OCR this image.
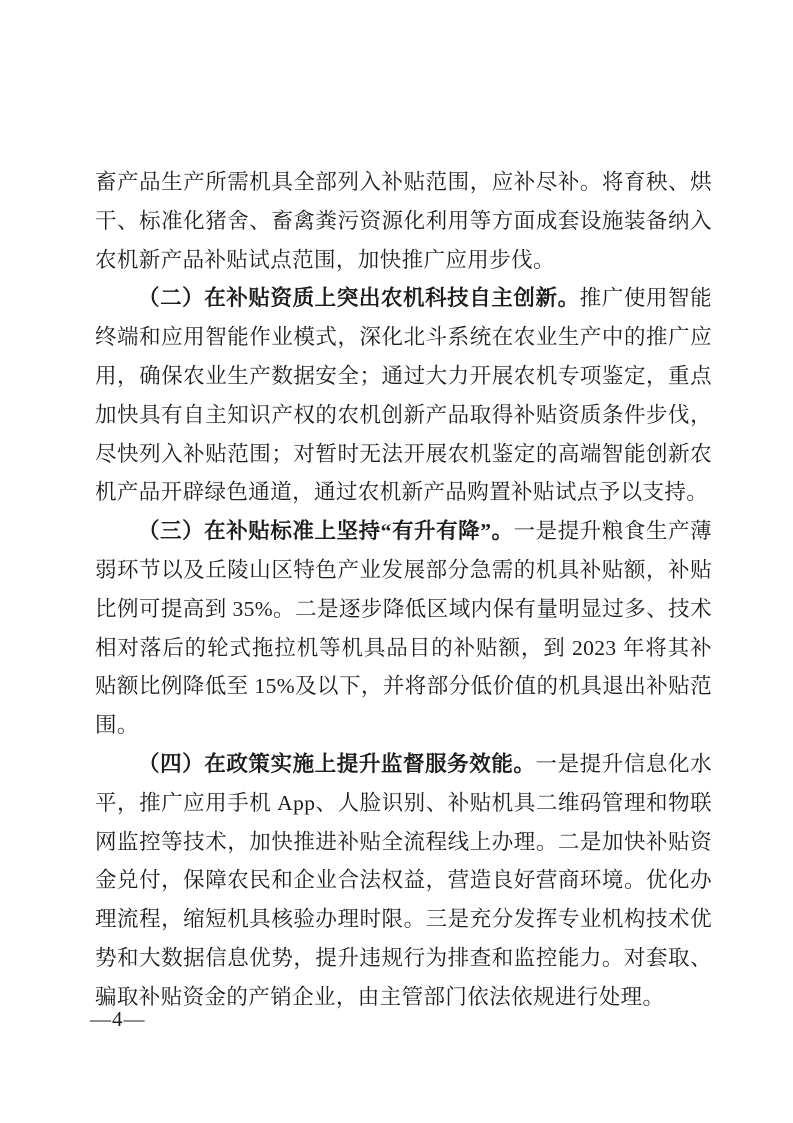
畜产品生产所需机具全部列入补贴范围，应补尽补。将育秧、烘干、标准化猪舍、畜禽粪污资源化利用等方面成套设施装备纳入农机新产品补贴试点范围，加快推广应用步伐。

（二）在补贴资质上突出农机科技自主创新。推广使用智能终端和应用智能作业模式，深化北斗系统在农业生产中的推广应用，确保农业生产数据安全；通过大力开展农机专项鉴定，重点加快具有自主知识产权的农机创新产品取得补贴资质条件步伐，尽快列入补贴范围；对暂时无法开展农机鉴定的高端智能创新农机产品开辟绿色通道，通过农机新产品购置补贴试点予以支持。

（三）在补贴标准上坚持“有升有降”。一是提升粮食生产薄弱环节以及丘陵山区特色产业发展部分急需的机具补贴额，补贴比例可提高到 35%。二是逐步降低区域内保有量明显过多、技术相对落后的轮式拖拉机等机具品目的补贴额，到 2023 年将其补贴额比例降低至 15%及以下，并将部分低价值的机具退出补贴范围。

（四）在政策实施上提升监督服务效能。一是提升信息化水平，推广应用手机 App、人脸识别、补贴机具二维码管理和物联网监控等技术，加快推进补贴全流程线上办理。二是加快补贴资金兑付，保障农民和企业合法权益，营造良好营商环境。优化办理流程，缩短机具核验办理时限。三是充分发挥专业机构技术优势和大数据信息优势，提升违规行为排查和监控能力。对套取、骗取补贴资金的产销企业，由主管部门依法依规进行处理。

—4—
